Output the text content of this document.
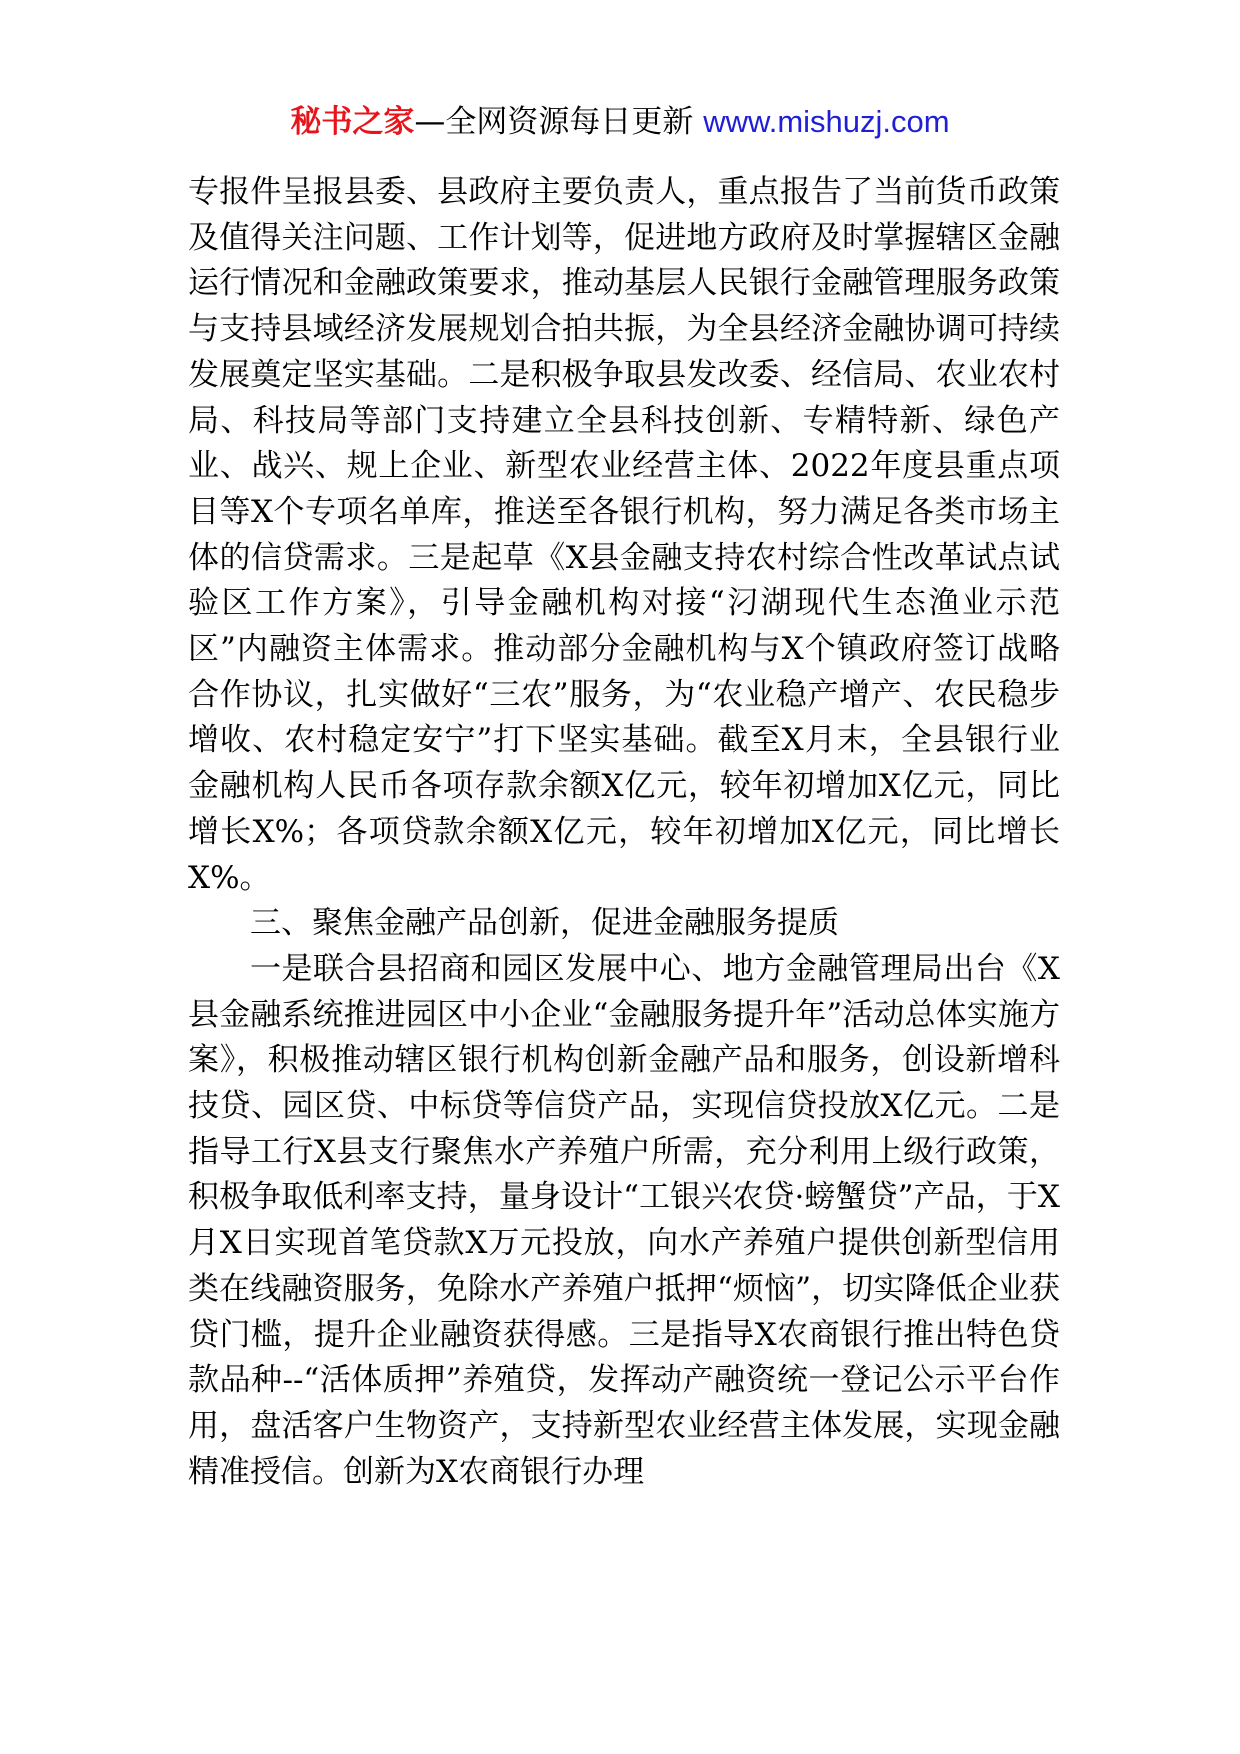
秘书之家—全网资源每日更新 www.mishuzj.com

专报件呈报县委、县政府主要负责人，重点报告了当前货币政策及值得关注问题、工作计划等，促进地方政府及时掌握辖区金融运行情况和金融政策要求，推动基层人民银行金融管理服务政策与支持县域经济发展规划合拍共振，为全县经济金融协调可持续发展奠定坚实基础。二是积极争取县发改委、经信局、农业农村局、科技局等部门支持建立全县科技创新、专精特新、绿色产业、战兴、规上企业、新型农业经营主体、2022年度县重点项目等X个专项名单库，推送至各银行机构，努力满足各类市场主体的信贷需求。三是起草《X县金融支持农村综合性改革试点试验区工作方案》，引导金融机构对接“汈湖现代生态渔业示范区”内融资主体需求。推动部分金融机构与X个镇政府签订战略合作协议，扎实做好“三农”服务，为“农业稳产增产、农民稳步增收、农村稳定安宁”打下坚实基础。截至X月末，全县银行业金融机构人民币各项存款余额X亿元，较年初增加X亿元，同比增长X%；各项贷款余额X亿元，较年初增加X亿元，同比增长X%。

三、聚焦金融产品创新，促进金融服务提质

一是联合县招商和园区发展中心、地方金融管理局出台《X县金融系统推进园区中小企业“金融服务提升年”活动总体实施方案》，积极推动辖区银行机构创新金融产品和服务，创设新增科技贷、园区贷、中标贷等信贷产品，实现信贷投放X亿元。二是指导工行X县支行聚焦水产养殖户所需，充分利用上级行政策，积极争取低利率支持，量身设计“工银兴农贷·螃蟹贷”产品，于X月X日实现首笔贷款X万元投放，向水产养殖户提供创新型信用类在线融资服务，免除水产养殖户抵押“烦恼”，切实降低企业获贷门槛，提升企业融资获得感。三是指导X农商银行推出特色贷款品种--“活体质押”养殖贷，发挥动产融资统一登记公示平台作用，盘活客户生物资产，支持新型农业经营主体发展，实现金融精准授信。创新为X农商银行办理
